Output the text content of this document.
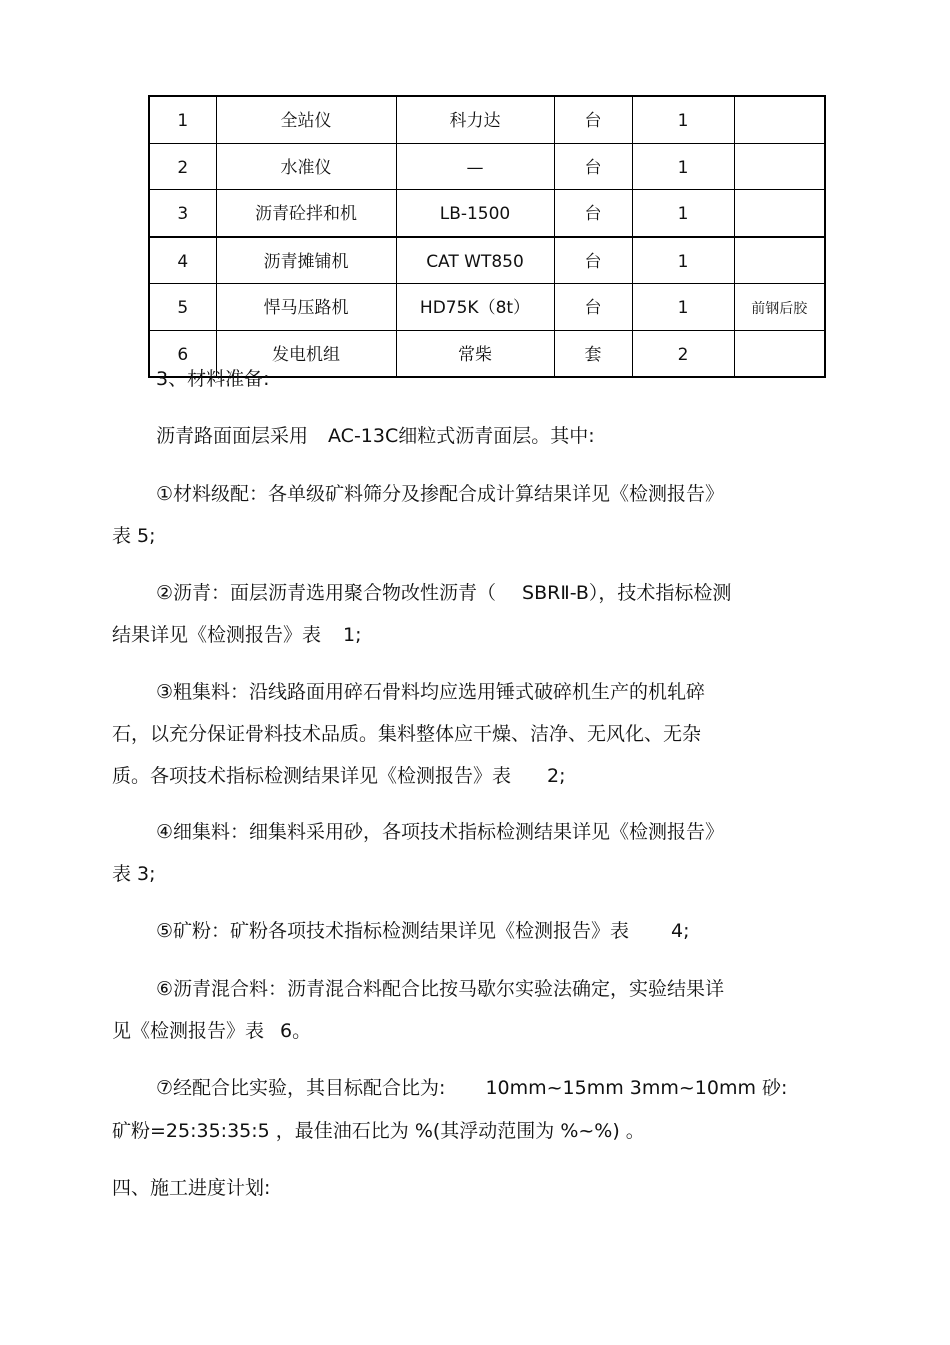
1	全站仪	科力达	台	1	
2	水准仪	—	台	1	
3	沥青砼拌和机	LB-1500	台	1	
4	沥青摊铺机	CAT WT850	台	1	
5	悍马压路机	HD75K（8t）	台	1	前钢后胶
6	发电机组	常柴	套	2	
3、材料准备:
沥青路面面层采用 AC-13C细粒式沥青面层。其中:
①材料级配：各单级矿料筛分及掺配合成计算结果详见《检测报告》
表 5;
②沥青：面层沥青选用聚合物改性沥青（ SBRⅡ-B），技术指标检测
结果详见《检测报告》表 1;
③粗集料：沿线路面用碎石骨料均应选用锤式破碎机生产的机轧碎
石，以充分保证骨料技术品质。集料整体应干燥、洁净、无风化、无杂
质。各项技术指标检测结果详见《检测报告》表 2;
④细集料：细集料采用砂，各项技术指标检测结果详见《检测报告》
表 3;
⑤矿粉：矿粉各项技术指标检测结果详见《检测报告》表 4;
⑥沥青混合料：沥青混合料配合比按马歇尔实验法确定，实验结果详
见《检测报告》表 6。
⑦经配合比实验，其目标配合比为: 10mm~15mm 3mm~10mm 砂:
矿粉=25:35:35:5 ，最佳油石比为 %(其浮动范围为 %~%) 。
四、施工进度计划:
